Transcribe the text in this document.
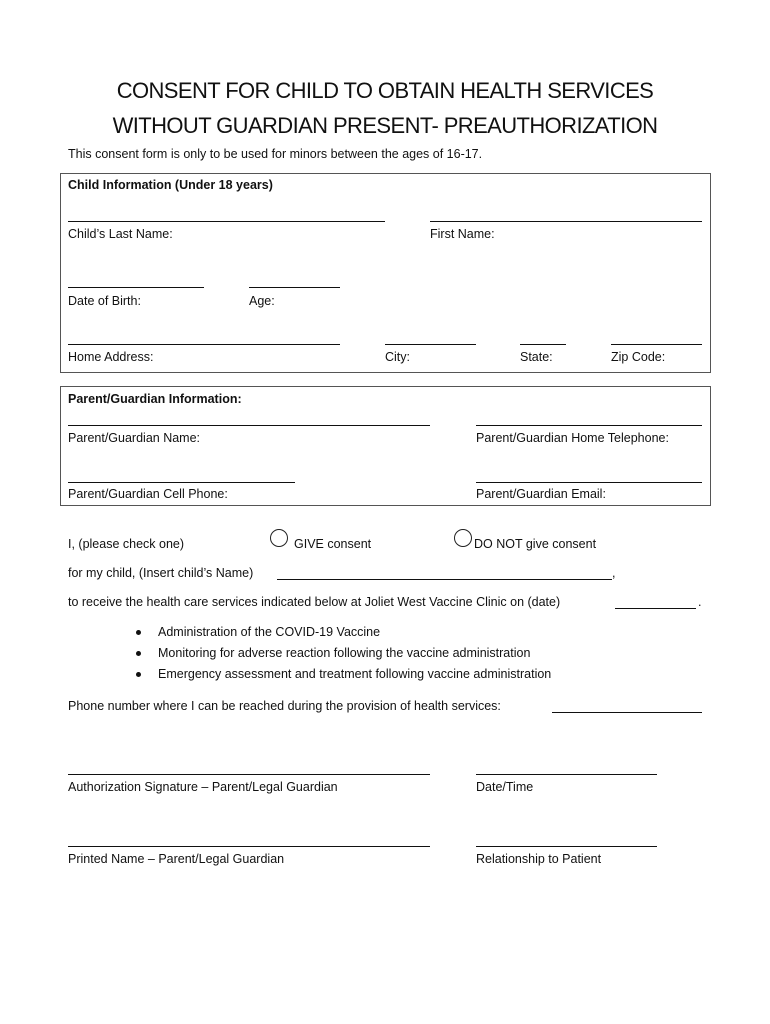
CONSENT FOR CHILD TO OBTAIN HEALTH SERVICES
WITHOUT GUARDIAN PRESENT- PREAUTHORIZATION
This consent form is only to be used for minors between the ages of 16-17.
Child Information (Under 18 years)
Child’s Last Name:	First Name:
Date of Birth:	Age:
Home Address:	City:	State:	Zip Code:
Parent/Guardian Information:
Parent/Guardian Name:	Parent/Guardian Home Telephone:
Parent/Guardian Cell Phone:	Parent/Guardian Email:
I, (please check one)	GIVE consent	DO NOT give consent
for my child, (Insert child’s Name)	,
to receive the health care services indicated below at Joliet West Vaccine Clinic on (date)	.
Administration of the COVID-19 Vaccine
Monitoring for adverse reaction following the vaccine administration
Emergency assessment and treatment following vaccine administration
Phone number where I can be reached during the provision of health services:
Authorization Signature – Parent/Legal Guardian	Date/Time
Printed Name – Parent/Legal Guardian	Relationship to Patient
